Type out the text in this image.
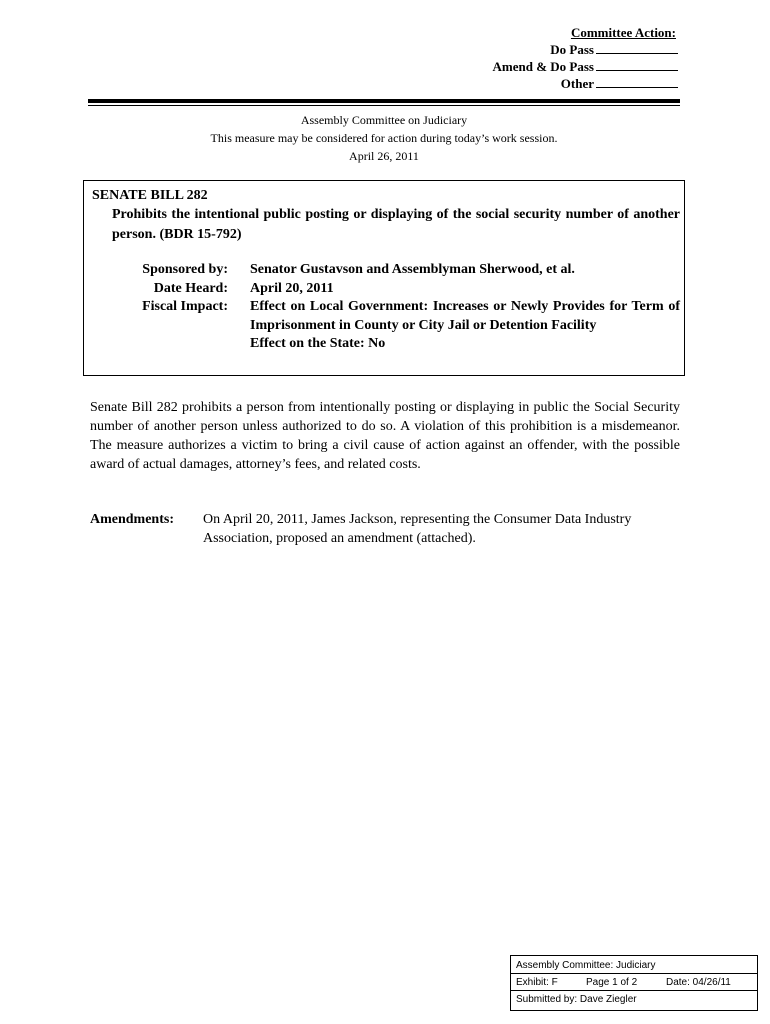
Committee Action:
Do Pass
Amend & Do Pass
Other
Assembly Committee on Judiciary
This measure may be considered for action during today’s work session.
April 26, 2011
SENATE BILL 282
Prohibits the intentional public posting or displaying of the social security number of another person. (BDR 15-792)
Sponsored by: Senator Gustavson and Assemblyman Sherwood, et al.
Date Heard: April 20, 2011
Fiscal Impact: Effect on Local Government: Increases or Newly Provides for Term of Imprisonment in County or City Jail or Detention Facility
Effect on the State: No
Senate Bill 282 prohibits a person from intentionally posting or displaying in public the Social Security number of another person unless authorized to do so. A violation of this prohibition is a misdemeanor. The measure authorizes a victim to bring a civil cause of action against an offender, with the possible award of actual damages, attorney’s fees, and related costs.
Amendments: On April 20, 2011, James Jackson, representing the Consumer Data Industry Association, proposed an amendment (attached).
Assembly Committee: Judiciary
Exhibit: F	Page 1 of 2	Date: 04/26/11
Submitted by: Dave Ziegler
